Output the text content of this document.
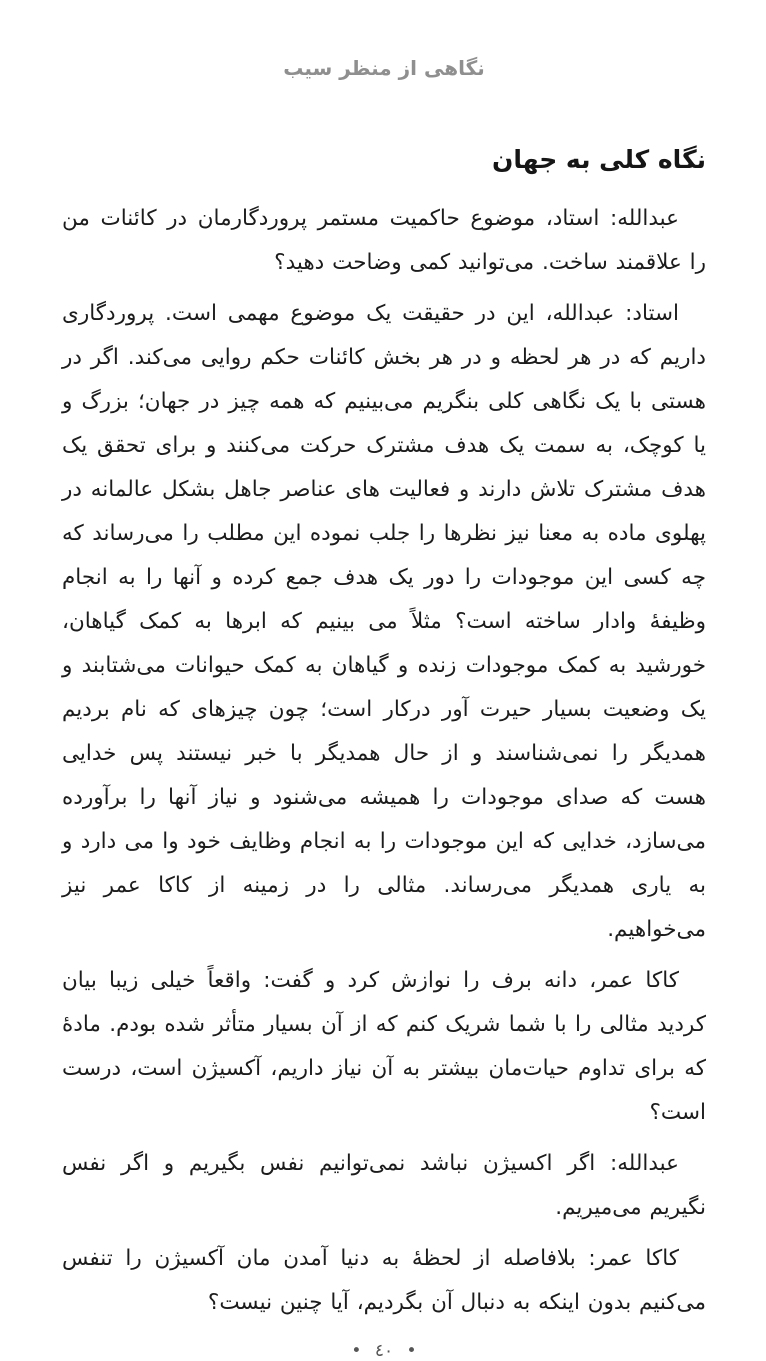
نگاهی از منظر سیب
نگاه کلی به جهان

عبدالله: استاد، موضوع حاکمیت مستمر پروردگارمان در کائنات من را علاقمند ساخت. می‌توانید کمی وضاحت دهید؟

استاد: عبدالله، این در حقیقت یک موضوع مهمی است. پروردگاری داریم که در هر لحظه و در هر بخش کائنات حکم روایی می‌کند. اگر در هستی با یک نگاهی کلی بنگریم می‌بینیم که همه چیز در جهان؛ بزرگ و یا کوچک، به سمت یک هدف مشترک حرکت می‌کنند و برای تحقق یک هدف مشترک تلاش دارند و فعالیت های عناصر جاهل بشکل عالمانه در پهلوی ماده به معنا نیز نظرها را جلب نموده این مطلب را می‌رساند که چه کسی این موجودات را دور یک هدف جمع کرده و آنها را به انجام وظیفهٔ وادار ساخته است؟ مثلاً می بینیم که ابرها به کمک گیاهان، خورشید به کمک موجودات زنده و گیاهان به کمک حیوانات می‌شتابند و یک وضعیت بسیار حیرت آور درکار است؛ چون چیزهای که نام بردیم همدیگر را نمی‌شناسند و از حال همدیگر با خبر نیستند پس خدایی هست که صدای موجودات را همیشه می‌شنود و نیاز آنها را برآورده می‌سازد، خدایی که این موجودات را به انجام وظایف خود وا می دارد و به یاری همدیگر می‌رساند. مثالی را در زمینه از کاکا عمر نیز می‌خواهیم.

کاکا عمر، دانه برف را نوازش کرد و گفت: واقعاً خیلی زیبا بیان کردید مثالی را با شما شریک کنم که از آن بسیار متأثر شده بودم. مادهٔ که برای تداوم حیات‌مان بیشتر به آن نیاز داریم، آکسیژن است، درست است؟

عبدالله: اگر اکسیژن نباشد نمی‌توانیم نفس بگیریم و اگر نفس نگیریم می‌میریم.

کاکا عمر: بلافاصله از لحظهٔ به دنیا آمدن مان آکسیژن را تنفس می‌کنیم بدون اینکه به دنبال آن بگردیم، آیا چنین نیست؟

• ٤٠ •
